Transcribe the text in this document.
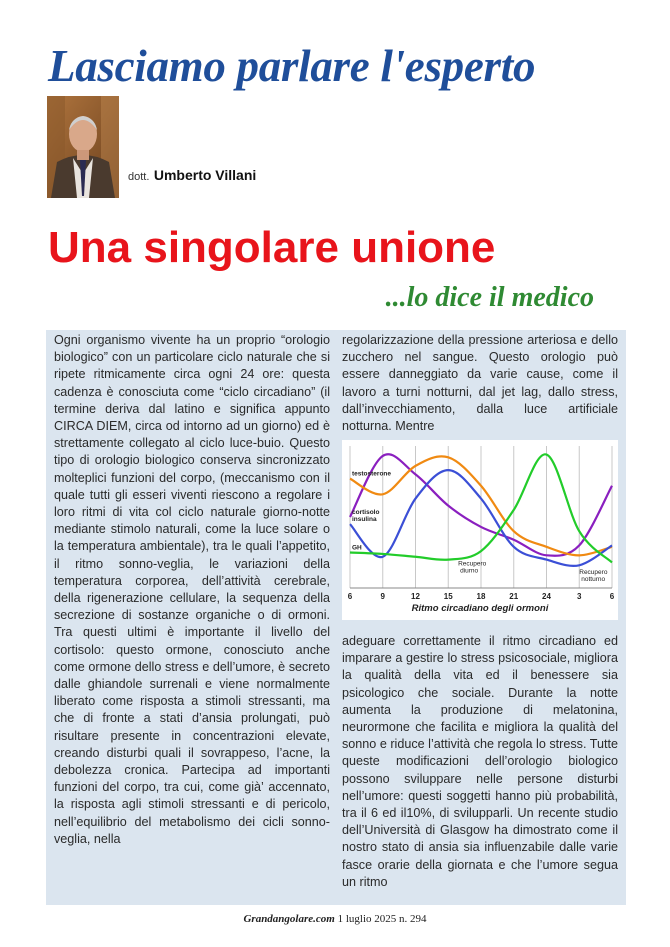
Lasciamo parlare l'esperto
dott. Umberto Villani
Una singolare unione
...lo dice il medico

Ogni organismo vivente ha un proprio “orologio biologico” con un particolare ciclo naturale che si ripete ritmicamente circa ogni 24 ore: questa cadenza è conosciuta come “ciclo circadiano” (il termine deriva dal latino e significa appunto CIRCA DIEM, circa od intorno ad un giorno) ed è strettamente collegato al ciclo luce-buio. Questo tipo di orologio biologico conserva sincronizzato molteplici funzioni del corpo, (meccanismo con il quale tutti gli esseri viventi riescono a regolare i loro ritmi di vita col ciclo naturale giorno-notte mediante stimolo naturali, come la luce solare o la temperatura ambientale), tra le quali l’appetito, il ritmo sonno-veglia, le variazioni della temperatura corporea, dell’attività cerebrale, della rigenerazione cellulare, la sequenza della secrezione di sostanze organiche o di ormoni. Tra questi ultimi è importante il livello del cortisolo: questo ormone, conosciuto anche come ormone dello stress e dell’umore, è secreto dalle ghiandole surrenali e viene normalmente liberato come risposta a stimoli stressanti, ma che di fronte a stati d’ansia prolungati, può risultare presente in concentrazioni elevate, creando disturbi quali il sovrappeso, l’acne, la debolezza cronica. Partecipa ad importanti funzioni del corpo, tra cui, come già’ accennato, la risposta agli stimoli stressanti e di pericolo, nell’equilibrio del metabolismo dei cicli sonno-veglia, nella

regolarizzazione della pressione arteriosa e dello zucchero nel sangue. Questo orologio può essere danneggiato da varie cause, come il lavoro a turni notturni, dal jet lag, dallo stress, dall’invecchiamento, dalla luce artificiale notturna. Mentre

cortisolo
testosterone
insulina
GH
Recupero
diurno	Recupero
notturno
6	9	12	15	18	21	24	3	6
Ritmo circadiano degli ormoni

adeguare correttamente il ritmo circadiano ed imparare a gestire lo stress psicosociale, migliora la qualità della vita ed il benessere sia psicologico che sociale. Durante la notte aumenta la produzione di melatonina, neurormone che facilita e migliora la qualità del sonno e riduce l’attività che regola lo stress. Tutte queste modificazioni dell’orologio biologico possono sviluppare nelle persone disturbi nell’umore: questi soggetti hanno più probabilità, tra il 6 ed il10%, di svilupparli. Un recente studio dell’Università di Glasgow ha dimostrato come il nostro stato di ansia sia influenzabile dalle varie fasce orarie della giornata e che l’umore segua un ritmo

Grandangolare.com 1 luglio 2025 n. 294
